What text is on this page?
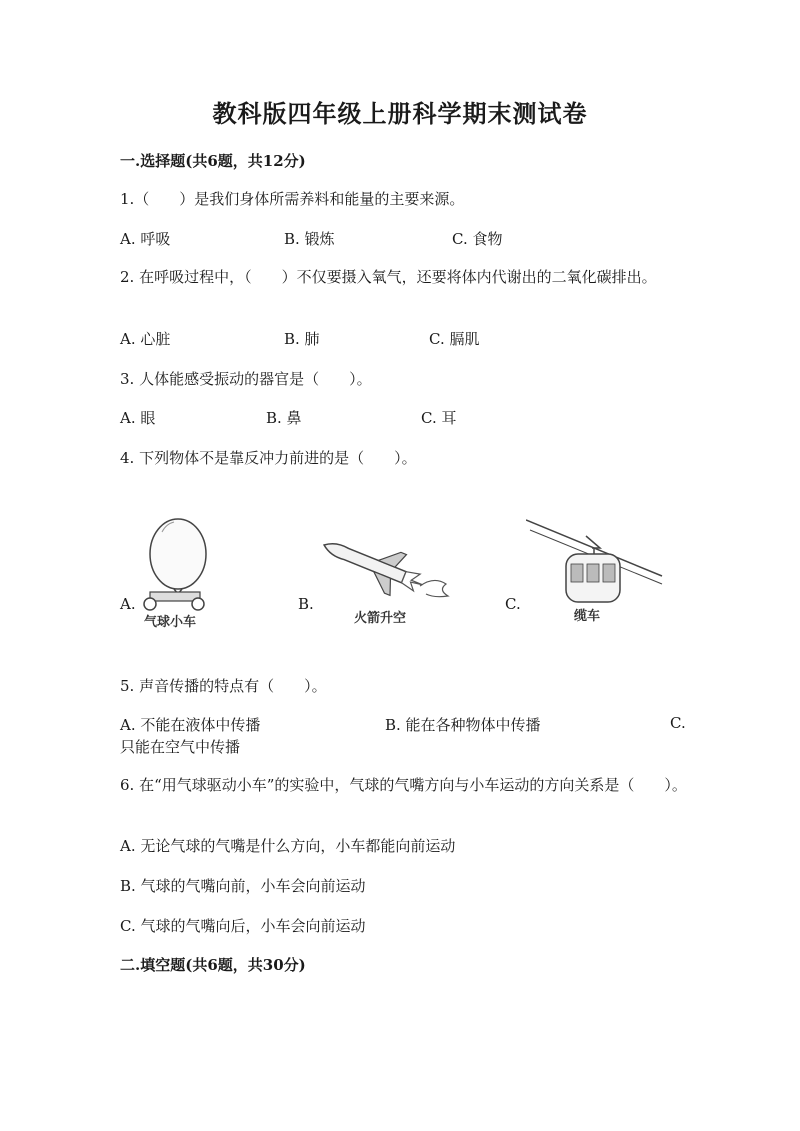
教科版四年级上册科学期末测试卷
一.选择题(共6题，共12分)
1.（　　）是我们身体所需养料和能量的主要来源。
A. 呼吸	B. 锻炼	C. 食物
2. 在呼吸过程中，（　　）不仅要摄入氧气，还要将体内代谢出的二氧化碳排出。
A. 心脏	B. 肺	C. 膈肌
3. 人体能感受振动的器官是（　　）。
A. 眼	B. 鼻	C. 耳
4. 下列物体不是靠反冲力前进的是（　　）。
A.	B.	C.
气球小车	火箭升空	缆车
5. 声音传播的特点有（　　）。
A. 不能在液体中传播	B. 能在各种物体中传播	C.
只能在空气中传播
6. 在“用气球驱动小车”的实验中，气球的气嘴方向与小车运动的方向关系是（　　）。
A. 无论气球的气嘴是什么方向，小车都能向前运动
B. 气球的气嘴向前，小车会向前运动
C. 气球的气嘴向后，小车会向前运动
二.填空题(共6题，共30分)
